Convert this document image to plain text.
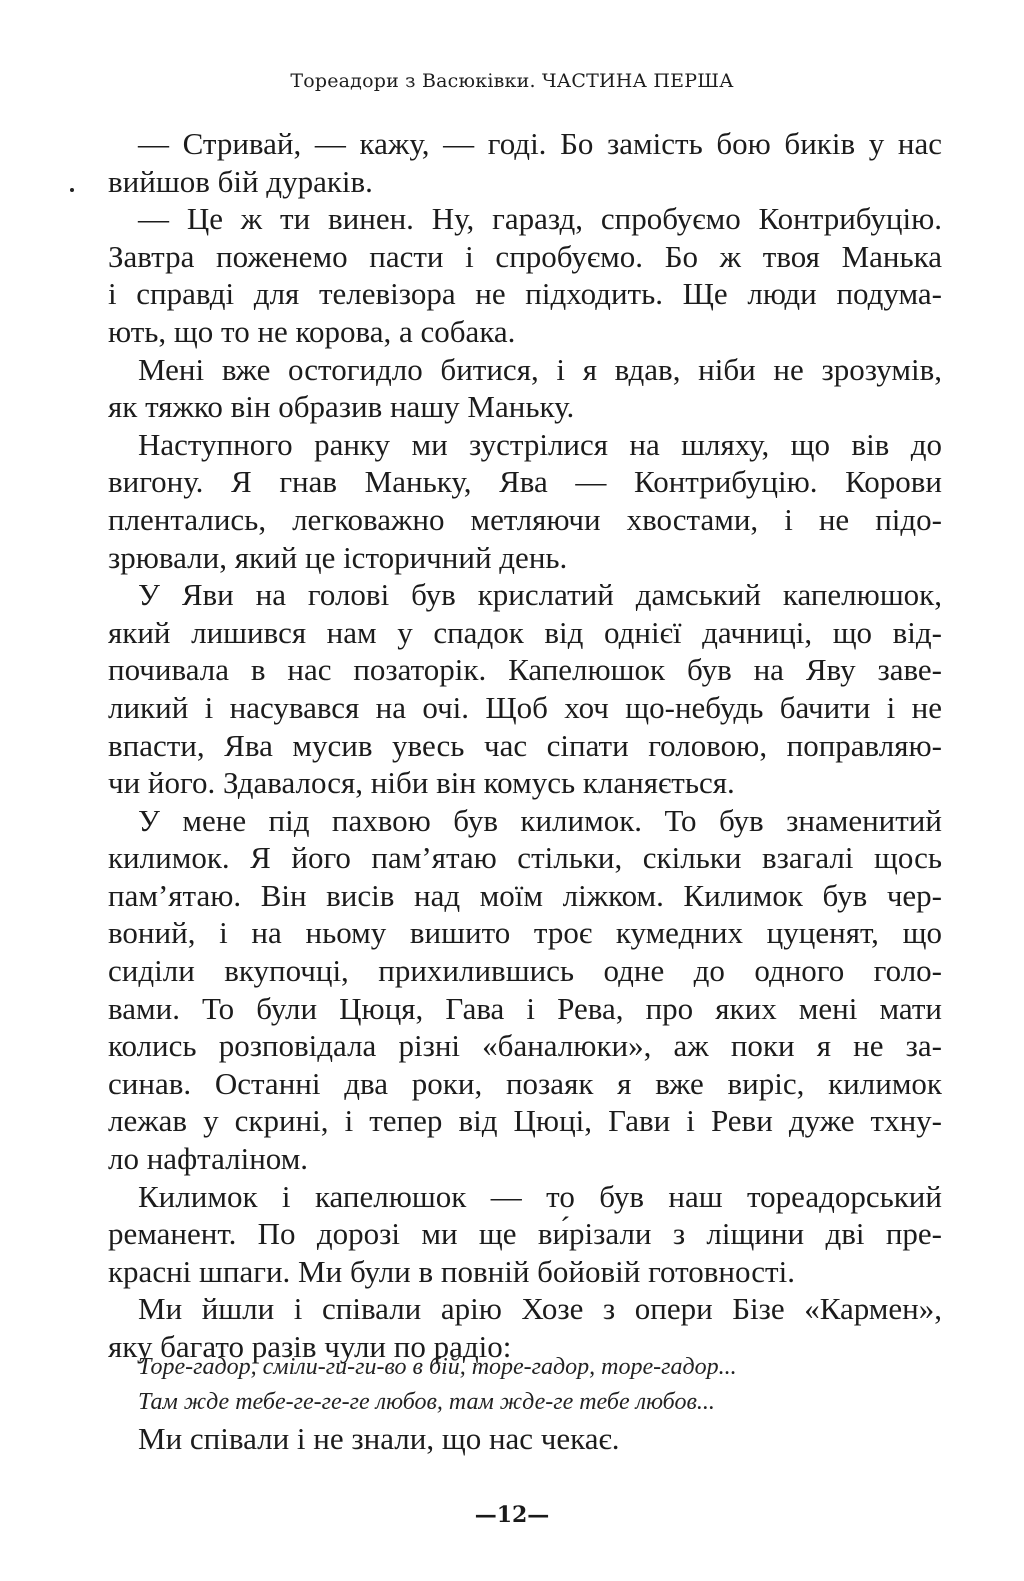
Тореадори з Васюківки. ЧАСТИНА ПЕРША
— Стривай, — кажу, — годі. Бо замість бою биків у нас
вийшов бій дураків.
— Це ж ти винен. Ну, гаразд, спробуємо Контрибуцію.
Завтра поженемо пасти і спробуємо. Бо ж твоя Манька
і справді для телевізора не підходить. Ще люди подума-
ють, що то не корова, а собака.
Мені вже остогидло битися, і я вдав, ніби не зрозумів,
як тяжко він образив нашу Маньку.
Наступного ранку ми зустрілися на шляху, що вів до
вигону. Я гнав Маньку, Ява — Контрибуцію. Корови
плентались, легковажно метляючи хвостами, і не підо-
зрювали, який це історичний день.
У Яви на голові був крислатий дамський капелюшок,
який лишився нам у спадок від однієї дачниці, що від-
почивала в нас позаторік. Капелюшок був на Яву заве-
ликий і насувався на очі. Щоб хоч що-небудь бачити і не
впасти, Ява мусив увесь час сіпати головою, поправляю-
чи його. Здавалося, ніби він комусь кланяється.
У мене під пахвою був килимок. То був знаменитий
килимок. Я його пам’ятаю стільки, скільки взагалі щось
пам’ятаю. Він висів над моїм ліжком. Килимок був чер-
воний, і на ньому вишито троє кумедних цуценят, що
сиділи вкупочці, прихилившись одне до одного голо-
вами. То були Цюця, Гава і Рева, про яких мені мати
колись розповідала різні «баналюки», аж поки я не за-
синав. Останні два роки, позаяк я вже виріс, килимок
лежав у скрині, і тепер від Цюці, Гави і Реви дуже тхну-
ло нафталіном.
Килимок і капелюшок — то був наш тореадорський
реманент. По дорозі ми ще ви́різали з ліщини дві пре-
красні шпаги. Ми були в повній бойовій готовності.
Ми йшли і співали арію Хозе з опери Бізе «Кармен»,
яку багато разів чули по радіо:
Торе-гадор, сміли-ги-ги-во в бій, торе-гадор, торе-гадор...
Там жде тебе-ге-ге-ге любов, там жде-ге тебе любов...
Ми співали і не знали, що нас чекає.
—12—
